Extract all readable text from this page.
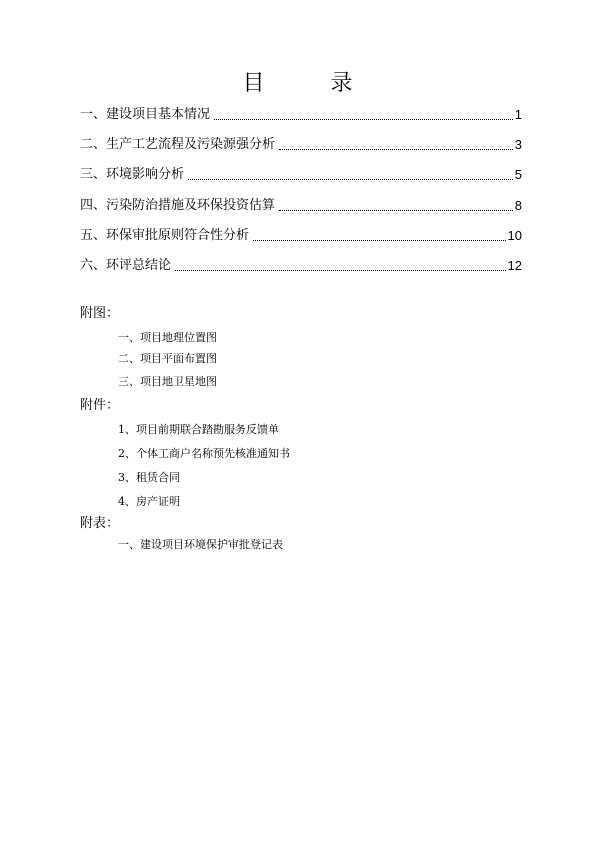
目　录
一、建设项目基本情况	1
二、生产工艺流程及污染源强分析	3
三、环境影响分析	5
四、污染防治措施及环保投资估算	8
五、环保审批原则符合性分析	10
六、环评总结论	12
附图：
一、项目地理位置图
二、项目平面布置图
三、项目地卫星地图
附件：
1、项目前期联合踏勘服务反馈单
2、个体工商户名称预先核准通知书
3、租赁合同
4、房产证明
附表：
一、建设项目环境保护审批登记表
